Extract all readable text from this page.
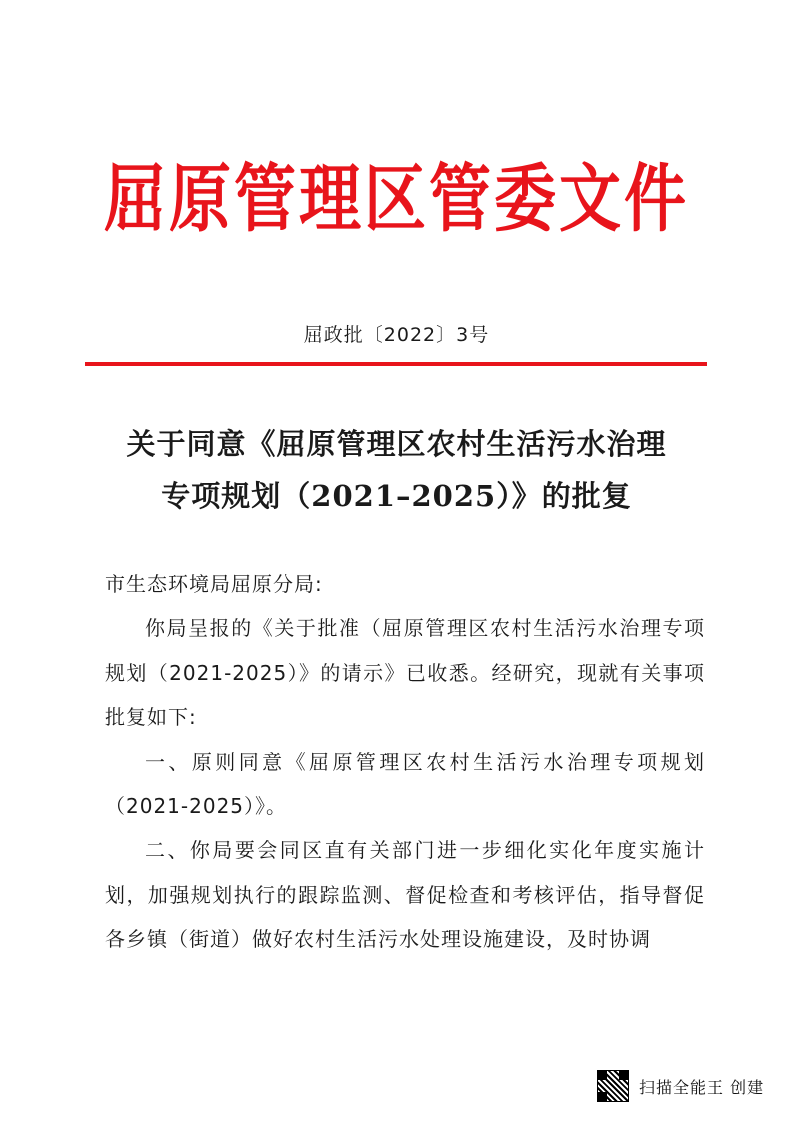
屈原管理区管委文件
屈政批〔2022〕3号
关于同意《屈原管理区农村生活污水治理
专项规划（2021–2025）》的批复

市生态环境局屈原分局:

你局呈报的《关于批准（屈原管理区农村生活污水治理专项规划（2021-2025）》的请示》已收悉。经研究，现就有关事项批复如下:

一、原则同意《屈原管理区农村生活污水治理专项规划（2021-2025）》。

二、你局要会同区直有关部门进一步细化实化年度实施计划，加强规划执行的跟踪监测、督促检查和考核评估，指导督促各乡镇（街道）做好农村生活污水处理设施建设，及时协调

扫描全能王 创建
